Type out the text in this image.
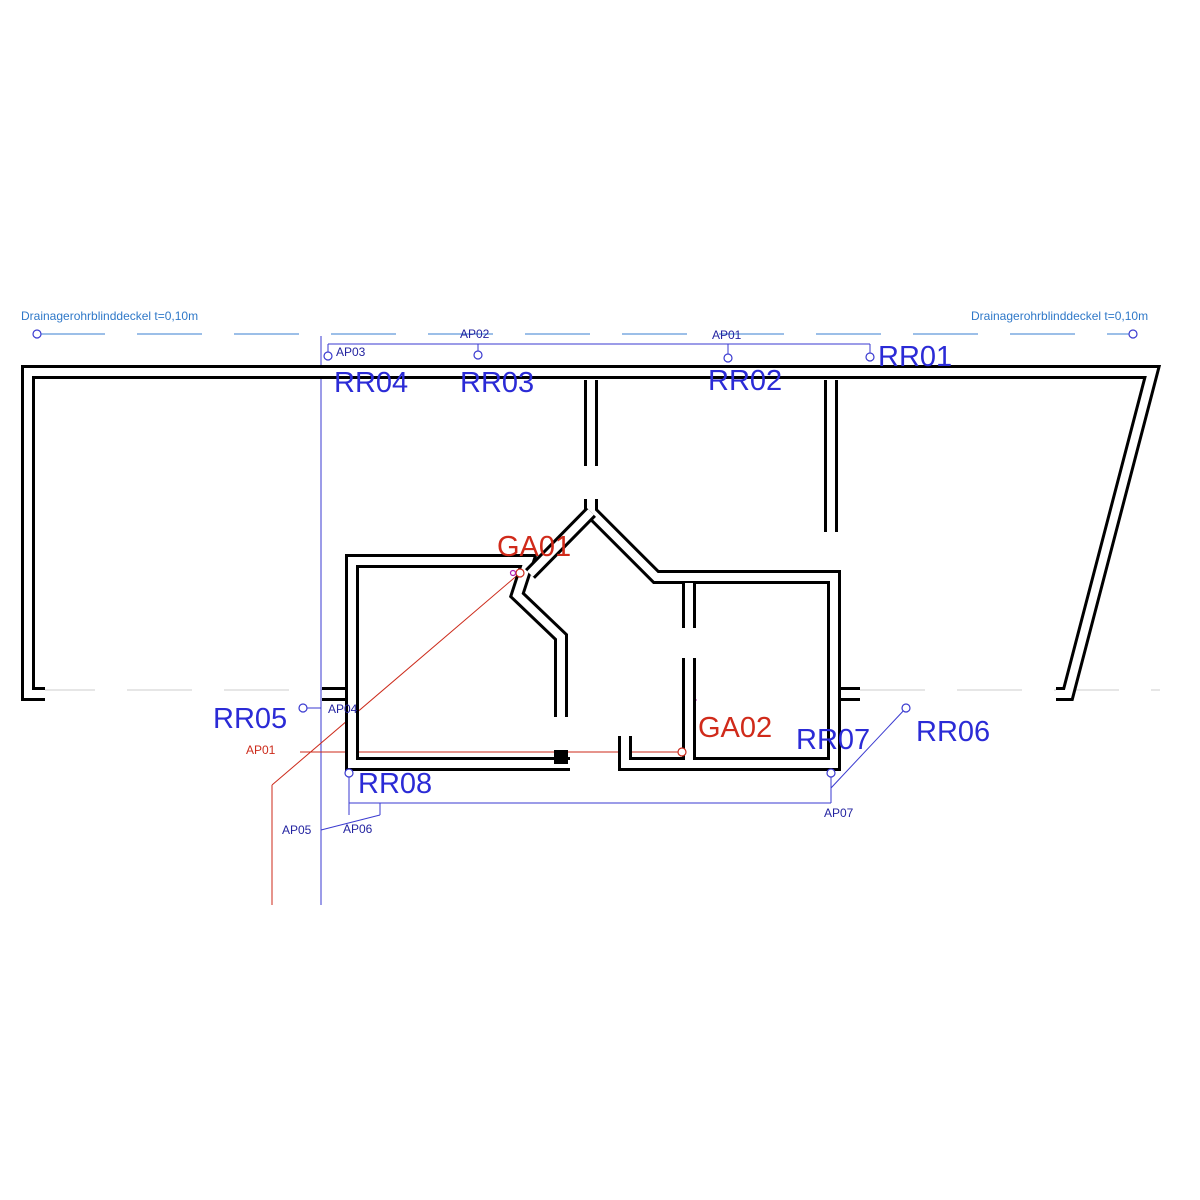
Drainagerohrblinddeckel t=0,10m	Drainagerohrblinddeckel t=0,10m
AP03
AP02	AP01
AP04
AP01
AP05	AP06
AP07
RR01
RR02
RR03
RR04
RR05	RR06
RR07
RR08
GA01
GA02
